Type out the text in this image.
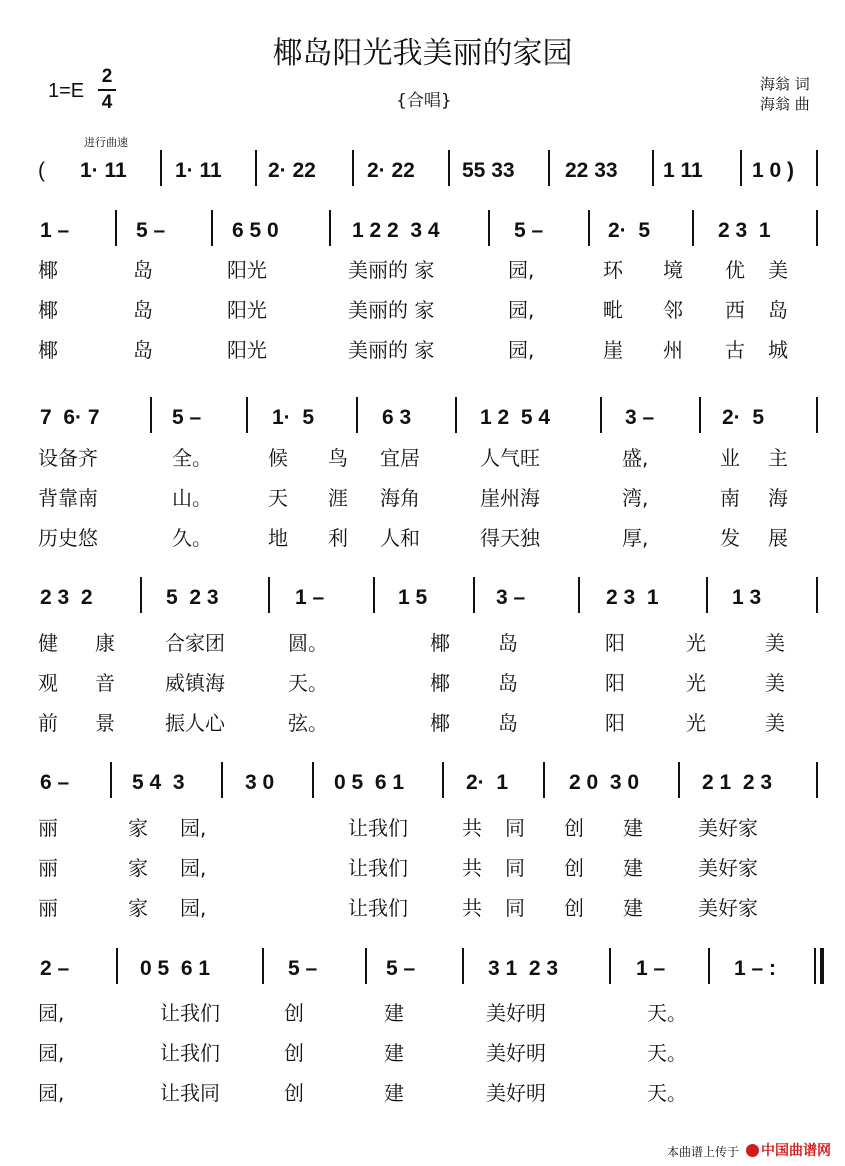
椰岛阳光我美丽的家园
1=E
2
4	{合唱}
海翁 词
海翁 曲
进行曲速
( 1· 11 1· 11 2· 22 2· 22 55 33 22 33 1 11 1 0 )
1 –	5 –	6 5 0	1 2 2  3 4	5 –	2·  5	2 3  1
7  6· 7	5 –	1·  5	6 3	1 2  5 4	3 –	2·  5
2 3  2	5  2 3	1 –	1 5	3 –	2 3  1	1 3
6 –	5 4  3	3 0	0 5  6 1	2·  1	2 0  3 0	2 1  2 3
2 –	0 5  6 1	5 –	5 –	3 1  2 3	1 –	1 – :
椰	岛	阳光	美丽的 家	园,	环 境 优 美
椰	岛	阳光	美丽的 家	园,	毗 邻 西 岛
椰	岛	阳光	美丽的 家	园,	崖 州 古 城
设备齐	全。	候 鸟 宜居	人气旺	盛,	业 主
背靠南	山。	天 涯 海角	崖州海	湾,	南 海
历史悠	久。	地 利 人和	得天独	厚,	发 展
健 康	合家团	圆。	椰 岛	阳	光	美
观 音	威镇海	天。	椰 岛	阳	光	美
前 景	振人心	弦。	椰 岛	阳	光	美
丽	家 园,	让我们	共 同 创 建	美好家
丽	家 园,	让我们	共 同 创 建	美好家
丽	家 园,	让我们	共 同 创 建	美好家
园,	让我们	创	建	美好明	天。
园,	让我们	创	建	美好明	天。
园,	让我同	创	建	美好明	天。
本曲谱上传于	中国曲谱网
